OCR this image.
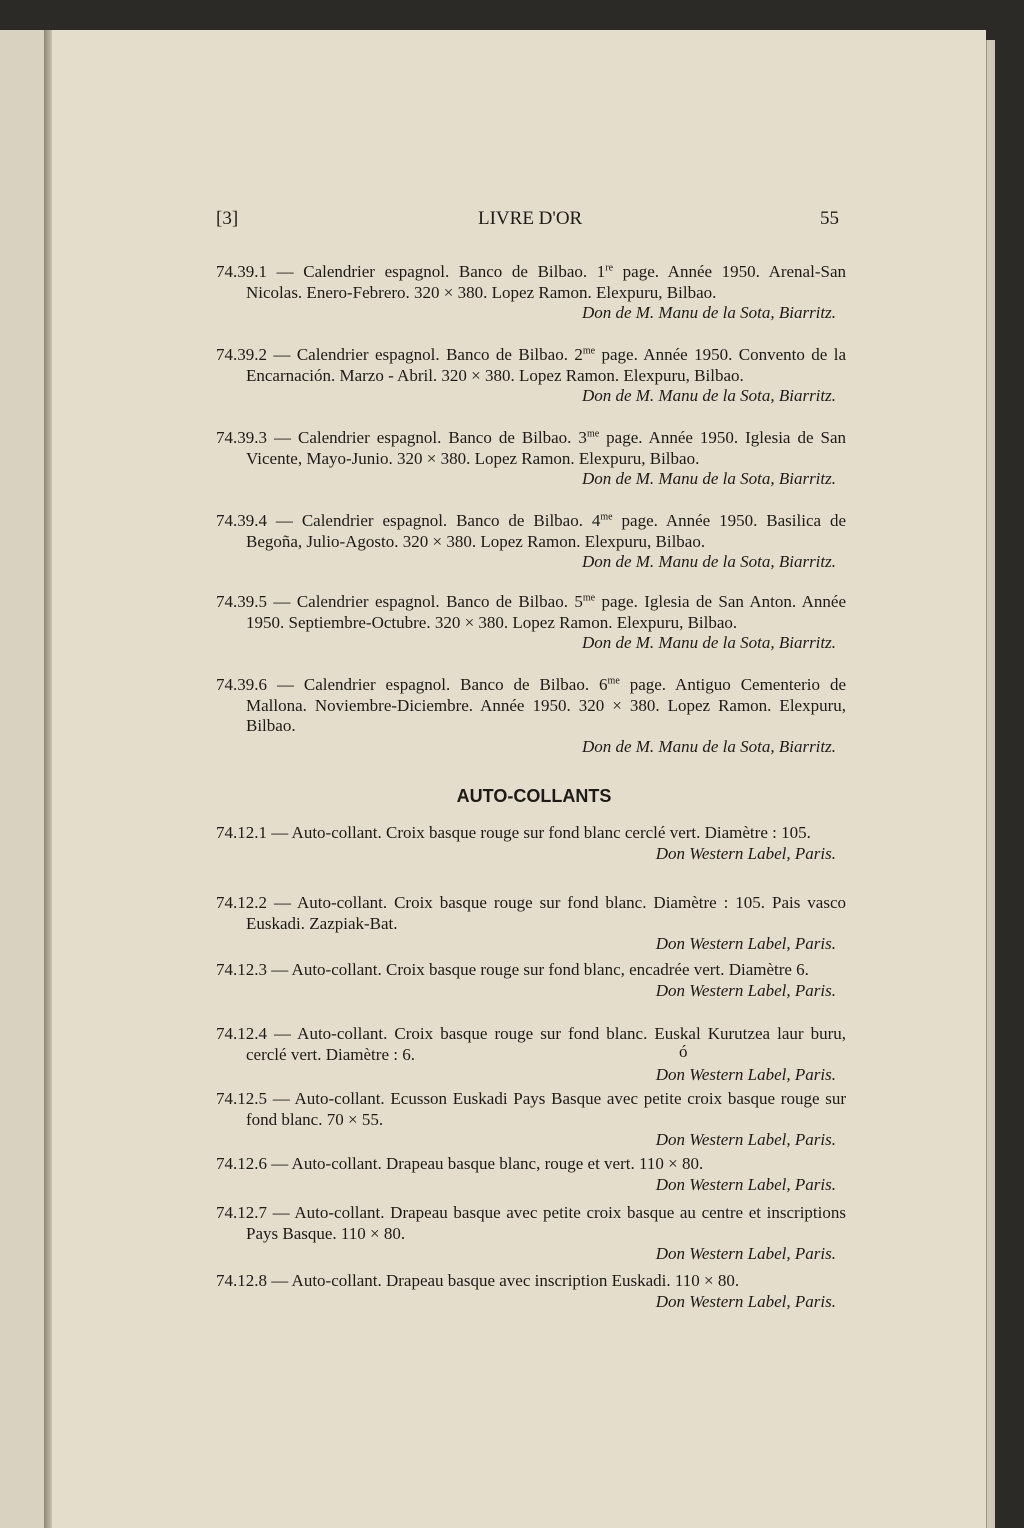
[3]	LIVRE D'OR	55
74.39.1 — Calendrier espagnol. Banco de Bilbao. 1re page. Année 1950. Arenal-San Nicolas. Enero-Febrero. 320 × 380. Lopez Ramon. Elexpuru, Bilbao.
Don de M. Manu de la Sota, Biarritz.
74.39.2 — Calendrier espagnol. Banco de Bilbao. $2^{me}$ page. Année 1950. Convento de la Encarnación. Marzo - Abril. 320 × 380. Lopez Ramon. Elexpuru, Bilbao.
Don de M. Manu de la Sota, Biarritz.
74.39.3 — Calendrier espagnol. Banco de Bilbao. $3^{me}$ page. Année 1950. Iglesia de San Vicente, Mayo-Junio. 320 × 380. Lopez Ramon. Elexpuru, Bilbao.
Don de M. Manu de la Sota, Biarritz.
74.39.4 — Calendrier espagnol. Banco de Bilbao. $4^{me}$ page. Année 1950. Basilica de Begoña, Julio-Agosto. 320 × 380. Lopez Ramon. Elexpuru, Bilbao.
Don de M. Manu de la Sota, Biarritz.
74.39.5 — Calendrier espagnol. Banco de Bilbao. $5^{me}$ page. Iglesia de San Anton. Année 1950. Septiembre-Octubre. 320 × 380. Lopez Ramon. Elexpuru, Bilbao.
Don de M. Manu de la Sota, Biarritz.
74.39.6 — Calendrier espagnol. Banco de Bilbao. $6^{me}$ page. Antiguo Cementerio de Mallona. Noviembre-Diciembre. Année 1950. 320 × 380. Lopez Ramon. Elexpuru, Bilbao.
Don de M. Manu de la Sota, Biarritz.
AUTO-COLLANTS
74.12.1 — Auto-collant. Croix basque rouge sur fond blanc cerclé vert. Diamètre : 105.
Don Western Label, Paris.
74.12.2 — Auto-collant. Croix basque rouge sur fond blanc. Diamètre : 105. Pais vasco Euskadi. Zazpiak-Bat.
Don Western Label, Paris.
74.12.3 — Auto-collant. Croix basque rouge sur fond blanc, encadrée vert. Diamètre 6.
Don Western Label, Paris.
74.12.4 — Auto-collant. Croix basque rouge sur fond blanc. Euskal Kurutzea laur buru, cerclé vert. Diamètre : 6.
Don Western Label, Paris.
74.12.5 — Auto-collant. Ecusson Euskadi Pays Basque avec petite croix basque rouge sur fond blanc. 70 × 55.
Don Western Label, Paris.
74.12.6 — Auto-collant. Drapeau basque blanc, rouge et vert. 110 × 80.
Don Western Label, Paris.
74.12.7 — Auto-collant. Drapeau basque avec petite croix basque au centre et inscriptions Pays Basque. 110 × 80.
Don Western Label, Paris.
74.12.8 — Auto-collant. Drapeau basque avec inscription Euskadi. 110 × 80.
Don Western Label, Paris.
ó
